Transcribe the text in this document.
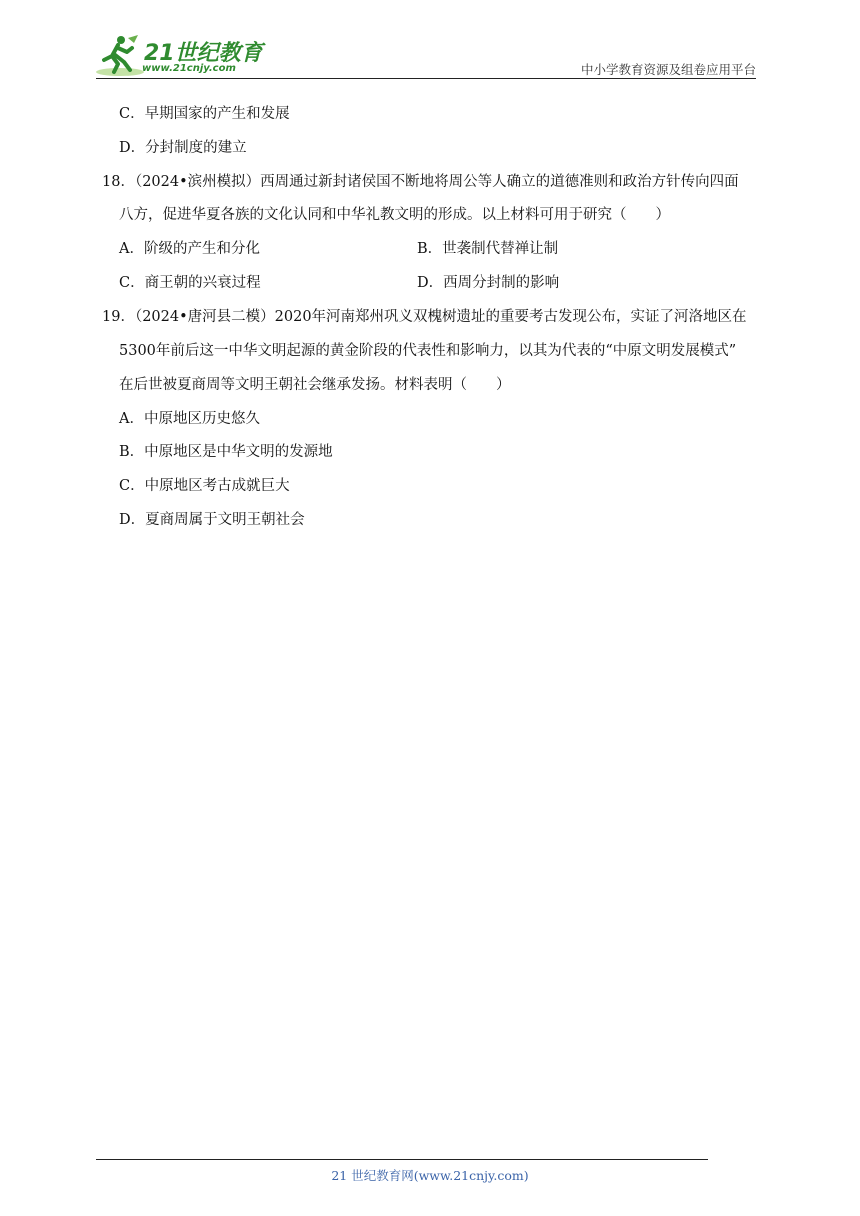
21世纪教育
www.21cnjy.com	中小学教育资源及组卷应用平台
C．早期国家的产生和发展
D．分封制度的建立
18．（2024•滨州模拟）西周通过新封诸侯国不断地将周公等人确立的道德准则和政治方针传向四面
八方，促进华夏各族的文化认同和中华礼教文明的形成。以上材料可用于研究（　　）
A．阶级的产生和分化	B．世袭制代替禅让制
C．商王朝的兴衰过程	D．西周分封制的影响
19．（2024•唐河县二模）2020年河南郑州巩义双槐树遗址的重要考古发现公布，实证了河洛地区在
5300年前后这一中华文明起源的黄金阶段的代表性和影响力，以其为代表的“中原文明发展模式”
在后世被夏商周等文明王朝社会继承发扬。材料表明（　　）
A．中原地区历史悠久
B．中原地区是中华文明的发源地
C．中原地区考古成就巨大
D．夏商周属于文明王朝社会
21 世纪教育网(www.21cnjy.com)
